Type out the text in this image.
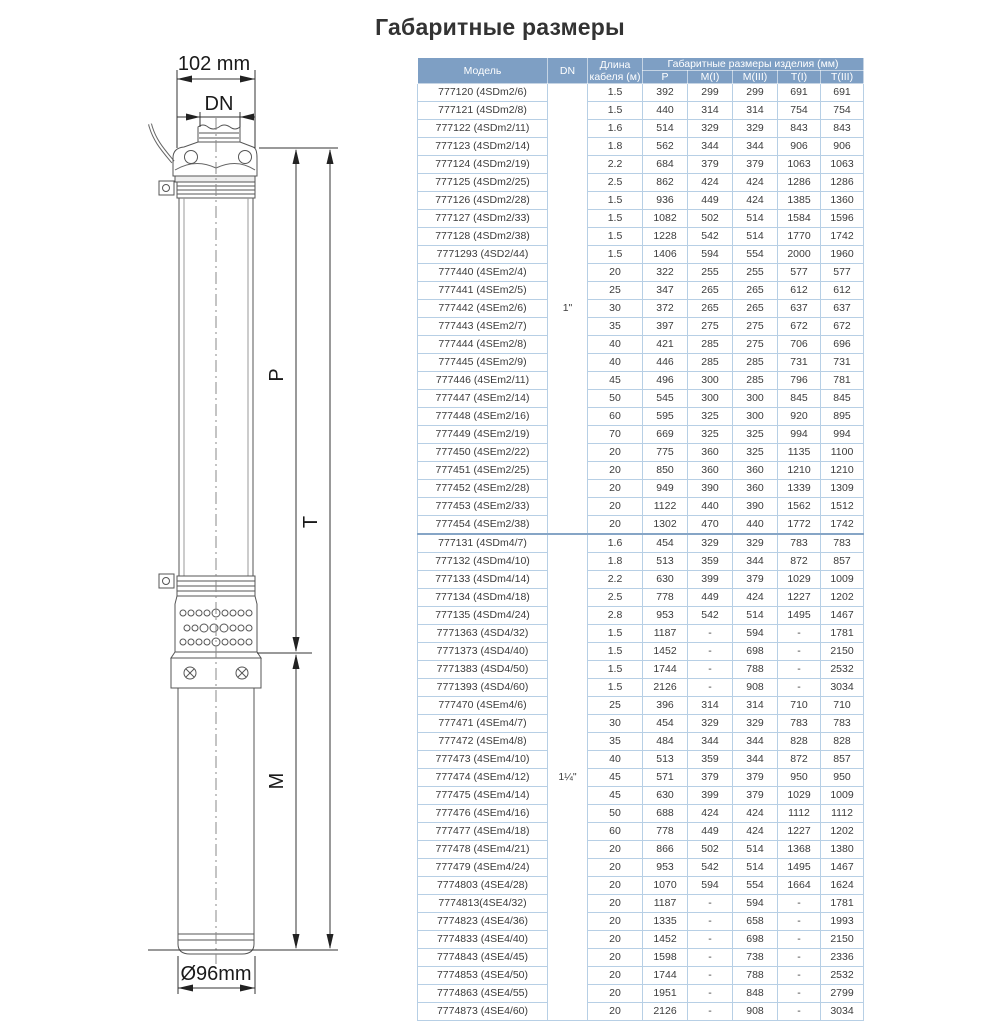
Габаритные размеры
102 mm
DN
P
T
M
Ø96mm
Модель	DN	Длина кабеля (м)	Габаритные размеры изделия (мм)				
			P	M(I)	M(III)	T(I)	T(III)
777120 (4SDm2/6)	1"	1.5	392	299	299	691	691
777121 (4SDm2/8)		1.5	440	314	314	754	754
777122 (4SDm2/11)		1.6	514	329	329	843	843
777123 (4SDm2/14)		1.8	562	344	344	906	906
777124 (4SDm2/19)		2.2	684	379	379	1063	1063
777125 (4SDm2/25)		2.5	862	424	424	1286	1286
777126 (4SDm2/28)		1.5	936	449	424	1385	1360
777127 (4SDm2/33)		1.5	1082	502	514	1584	1596
777128 (4SDm2/38)		1.5	1228	542	514	1770	1742
7771293 (4SD2/44)		1.5	1406	594	554	2000	1960
777440 (4SEm2/4)		20	322	255	255	577	577
777441 (4SEm2/5)		25	347	265	265	612	612
777442 (4SEm2/6)		30	372	265	265	637	637
777443 (4SEm2/7)		35	397	275	275	672	672
777444 (4SEm2/8)		40	421	285	275	706	696
777445 (4SEm2/9)		40	446	285	285	731	731
777446 (4SEm2/11)		45	496	300	285	796	781
777447 (4SEm2/14)		50	545	300	300	845	845
777448 (4SEm2/16)		60	595	325	300	920	895
777449 (4SEm2/19)		70	669	325	325	994	994
777450 (4SEm2/22)		20	775	360	325	1135	1100
777451 (4SEm2/25)		20	850	360	360	1210	1210
777452 (4SEm2/28)		20	949	390	360	1339	1309
777453 (4SEm2/33)		20	1122	440	390	1562	1512
777454 (4SEm2/38)		20	1302	470	440	1772	1742
777131 (4SDm4/7)	1¼"	1.6	454	329	329	783	783
777132 (4SDm4/10)		1.8	513	359	344	872	857
777133 (4SDm4/14)		2.2	630	399	379	1029	1009
777134 (4SDm4/18)		2.5	778	449	424	1227	1202
777135 (4SDm4/24)		2.8	953	542	514	1495	1467
7771363 (4SD4/32)		1.5	1187	-	594	-	1781
7771373 (4SD4/40)		1.5	1452	-	698	-	2150
7771383 (4SD4/50)		1.5	1744	-	788	-	2532
7771393 (4SD4/60)		1.5	2126	-	908	-	3034
777470 (4SEm4/6)		25	396	314	314	710	710
777471 (4SEm4/7)		30	454	329	329	783	783
777472 (4SEm4/8)		35	484	344	344	828	828
777473 (4SEm4/10)		40	513	359	344	872	857
777474 (4SEm4/12)		45	571	379	379	950	950
777475 (4SEm4/14)		45	630	399	379	1029	1009
777476 (4SEm4/16)		50	688	424	424	1112	1112
777477 (4SEm4/18)		60	778	449	424	1227	1202
777478 (4SEm4/21)		20	866	502	514	1368	1380
777479 (4SEm4/24)		20	953	542	514	1495	1467
7774803 (4SE4/28)		20	1070	594	554	1664	1624
7774813(4SE4/32)		20	1187	-	594	-	1781
7774823 (4SE4/36)		20	1335	-	658	-	1993
7774833 (4SE4/40)		20	1452	-	698	-	2150
7774843 (4SE4/45)		20	1598	-	738	-	2336
7774853 (4SE4/50)		20	1744	-	788	-	2532
7774863 (4SE4/55)		20	1951	-	848	-	2799
7774873 (4SE4/60)		20	2126	-	908	-	3034
